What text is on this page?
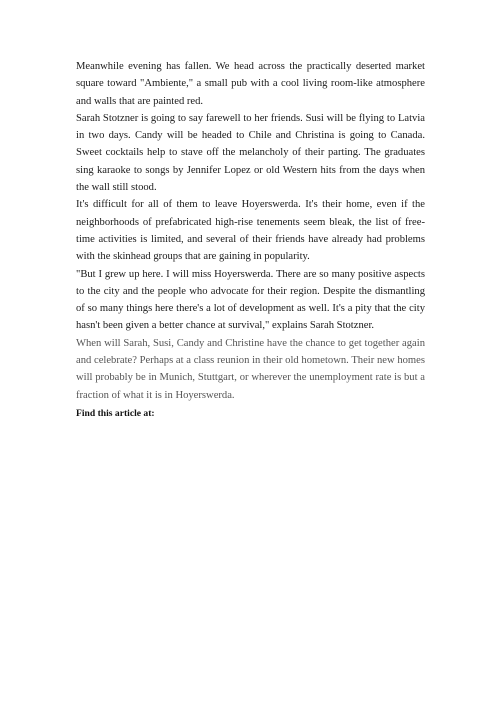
Meanwhile evening has fallen. We head across the practically deserted market square toward "Ambiente," a small pub with a cool living room-like atmosphere and walls that are painted red.

Sarah Stotzner is going to say farewell to her friends. Susi will be flying to Latvia in two days. Candy will be headed to Chile and Christina is going to Canada. Sweet cocktails help to stave off the melancholy of their parting. The graduates sing karaoke to songs by Jennifer Lopez or old Western hits from the days when the wall still stood.

It's difficult for all of them to leave Hoyerswerda. It's their home, even if the neighborhoods of prefabricated high-rise tenements seem bleak, the list of free-time activities is limited, and several of their friends have already had problems with the skinhead groups that are gaining in popularity.

"But I grew up here. I will miss Hoyerswerda. There are so many positive aspects to the city and the people who advocate for their region. Despite the dismantling of so many things here there's a lot of development as well. It's a pity that the city hasn't been given a better chance at survival," explains Sarah Stotzner.

When will Sarah, Susi, Candy and Christine have the chance to get together again and celebrate? Perhaps at a class reunion in their old hometown. Their new homes will probably be in Munich, Stuttgart, or wherever the unemployment rate is but a fraction of what it is in Hoyerswerda.

Find this article at:
